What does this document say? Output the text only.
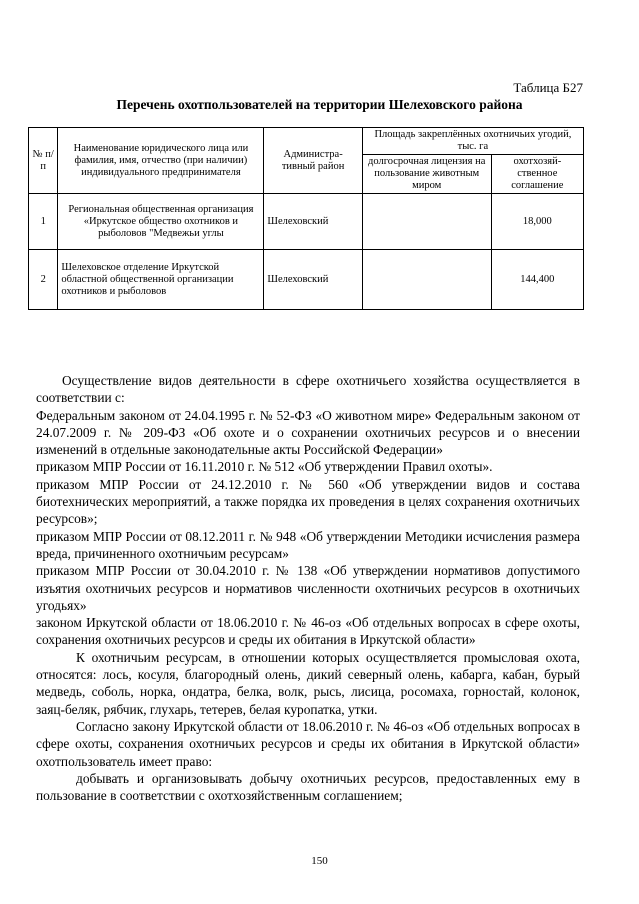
Таблица Б27
Перечень охотпользователей на территории Шелеховского района
№ п/п	Наименование юридического лица или фамилия, имя, отчество (при наличии) индивидуального предпринимателя	Администра-тивный район	Площадь закреплённых охотничьих угодий, тыс. га	
			долгосрочная лицензия на пользование животным миром	охотхозяй-ственное соглашение
1	Региональная общественная организация «Иркутское общество охотников и рыболовов "Медвежьи углы	Шелеховский		18,000
2	Шелеховское отделение Иркутской областной общественной организации охотников и рыболовов	Шелеховский		144,400

Осуществление видов деятельности в сфере охотничьего хозяйства осуществляется в соответствии с:

Федеральным законом от 24.04.1995 г. № 52-ФЗ «О животном мире» Федеральным законом от 24.07.2009 г. № 209-ФЗ «Об охоте и о сохранении охотничьих ресурсов и о внесении изменений в отдельные законодательные акты Российской Федерации»

приказом МПР России от 16.11.2010 г. № 512 «Об утверждении Правил охоты».

приказом МПР России от 24.12.2010 г. № 560 «Об утверждении видов и состава биотехнических мероприятий, а также порядка их проведения в целях сохранения охотничьих ресурсов»;

приказом МПР России от 08.12.2011 г. № 948 «Об утверждении Методики исчисления размера вреда, причиненного охотничьим ресурсам»

приказом МПР России от 30.04.2010 г. № 138 «Об утверждении нормативов допустимого изъятия охотничьих ресурсов и нормативов численности охотничьих ресурсов в охотничьих угодьях»

законом Иркутской области от 18.06.2010 г. № 46-оз «Об отдельных вопросах в сфере охоты, сохранения охотничьих ресурсов и среды их обитания в Иркутской области»

К охотничьим ресурсам, в отношении которых осуществляется промысловая охота, относятся: лось, косуля, благородный олень, дикий северный олень, кабарга, кабан, бурый медведь, соболь, норка, ондатра, белка, волк, рысь, лисица, росомаха, горностай, колонок, заяц-беляк, рябчик, глухарь, тетерев, белая куропатка, утки.

Согласно закону Иркутской области от 18.06.2010 г. № 46-оз «Об отдельных вопросах в сфере охоты, сохранения охотничьих ресурсов и среды их обитания в Иркутской области» охотпользователь имеет право:

добывать и организовывать добычу охотничьих ресурсов, предоставленных ему в пользование в соответствии с охотхозяйственным соглашением;

150
